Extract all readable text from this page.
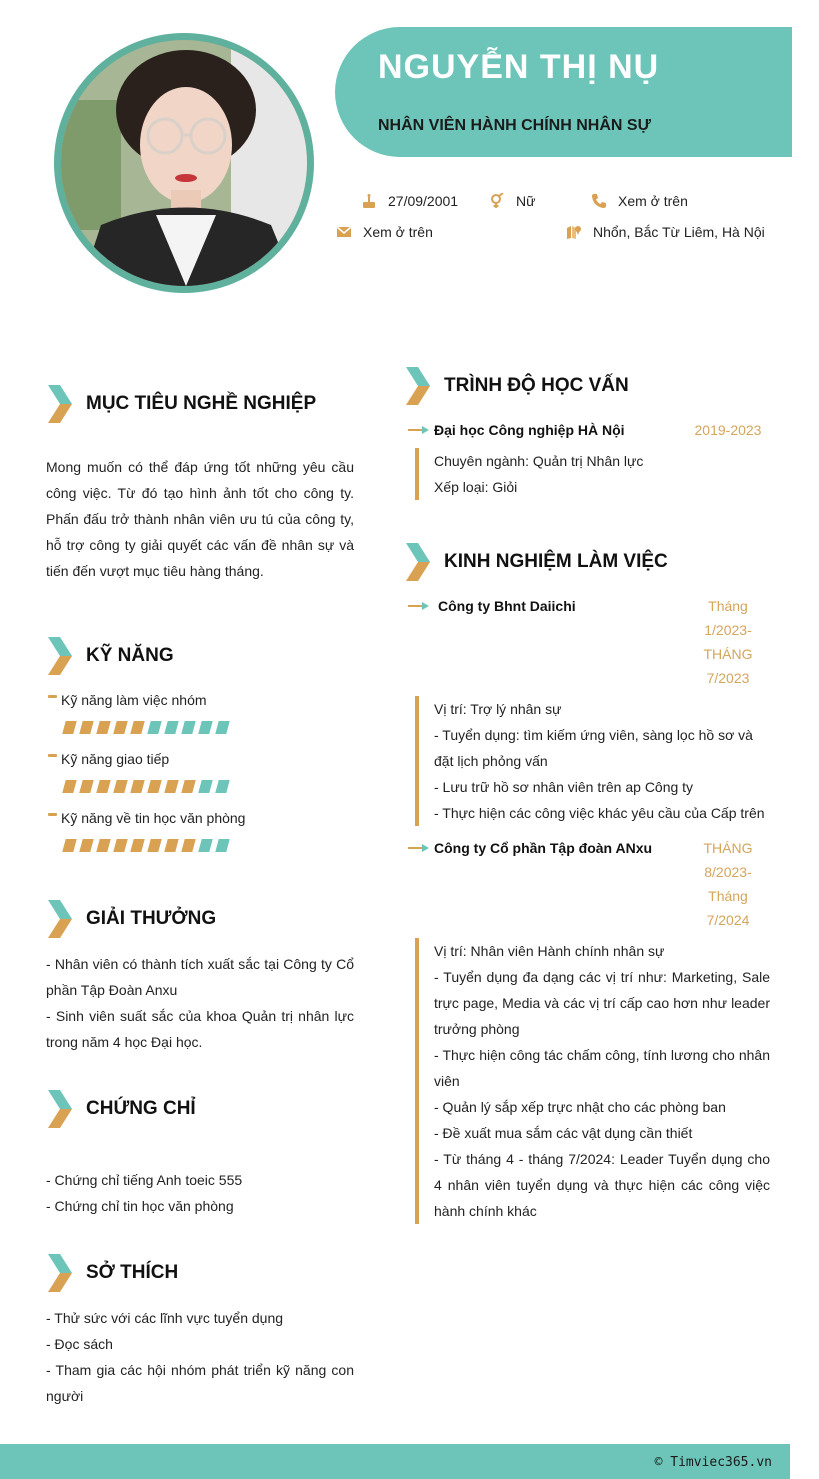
NGUYỄN THỊ NỤ
NHÂN VIÊN HÀNH CHÍNH NHÂN SỰ
27/09/2001	Nữ	Xem ở trên
Xem ở trên	Nhổn, Bắc Từ Liêm, Hà Nội
MỤC TIÊU NGHỀ NGHIỆP
Mong muốn có thể đáp ứng tốt những yêu cầu công việc. Từ đó tạo hình ảnh tốt cho công ty. Phấn đấu trở thành nhân viên ưu tú của công ty, hỗ trợ công ty giải quyết các vấn đề nhân sự và tiến đến vượt mục tiêu hàng tháng.
KỸ NĂNG
Kỹ năng làm việc nhóm
Kỹ năng giao tiếp
Kỹ năng về tin học văn phòng
GIẢI THƯỞNG
- Nhân viên có thành tích xuất sắc tại Công ty Cổ phần Tập Đoàn Anxu
- Sinh viên suất sắc của khoa Quản trị nhân lực trong năm 4 học Đại học.
CHỨNG CHỈ
- Chứng chỉ tiếng Anh toeic 555
- Chứng chỉ tin học văn phòng
SỞ THÍCH
- Thử sức với các lĩnh vực tuyển dụng
- Đọc sách
- Tham gia các hội nhóm phát triển kỹ năng con người
TRÌNH ĐỘ HỌC VẤN
Đại học Công nghiệp HÀ Nội	2019-2023
Chuyên ngành: Quản trị Nhân lực
Xếp loại: Giỏi
KINH NGHIỆM LÀM VIỆC
Công ty Bhnt Daiichi	Tháng
1/2023-
THÁNG
7/2023
Vị trí: Trợ lý nhân sự
- Tuyển dụng: tìm kiếm ứng viên, sàng lọc hồ sơ và đặt lịch phỏng vấn
- Lưu trữ hồ sơ nhân viên trên ap Công ty
- Thực hiện các công việc khác yêu cầu của Cấp trên
Công ty Cổ phần Tập đoàn ANxu	THÁNG
8/2023-
Tháng
7/2024
Vị trí: Nhân viên Hành chính nhân sự
- Tuyển dụng đa dạng các vị trí như: Marketing, Sale trực page, Media và các vị trí cấp cao hơn như leader trưởng phòng
- Thực hiện công tác chấm công, tính lương cho nhân viên
- Quản lý sắp xếp trực nhật cho các phòng ban
- Đề xuất mua sắm các vật dụng cần thiết
- Từ tháng 4 - tháng 7/2024: Leader Tuyển dụng cho 4 nhân viên tuyển dụng và thực hiện các công việc hành chính khác
© Timviec365.vn
